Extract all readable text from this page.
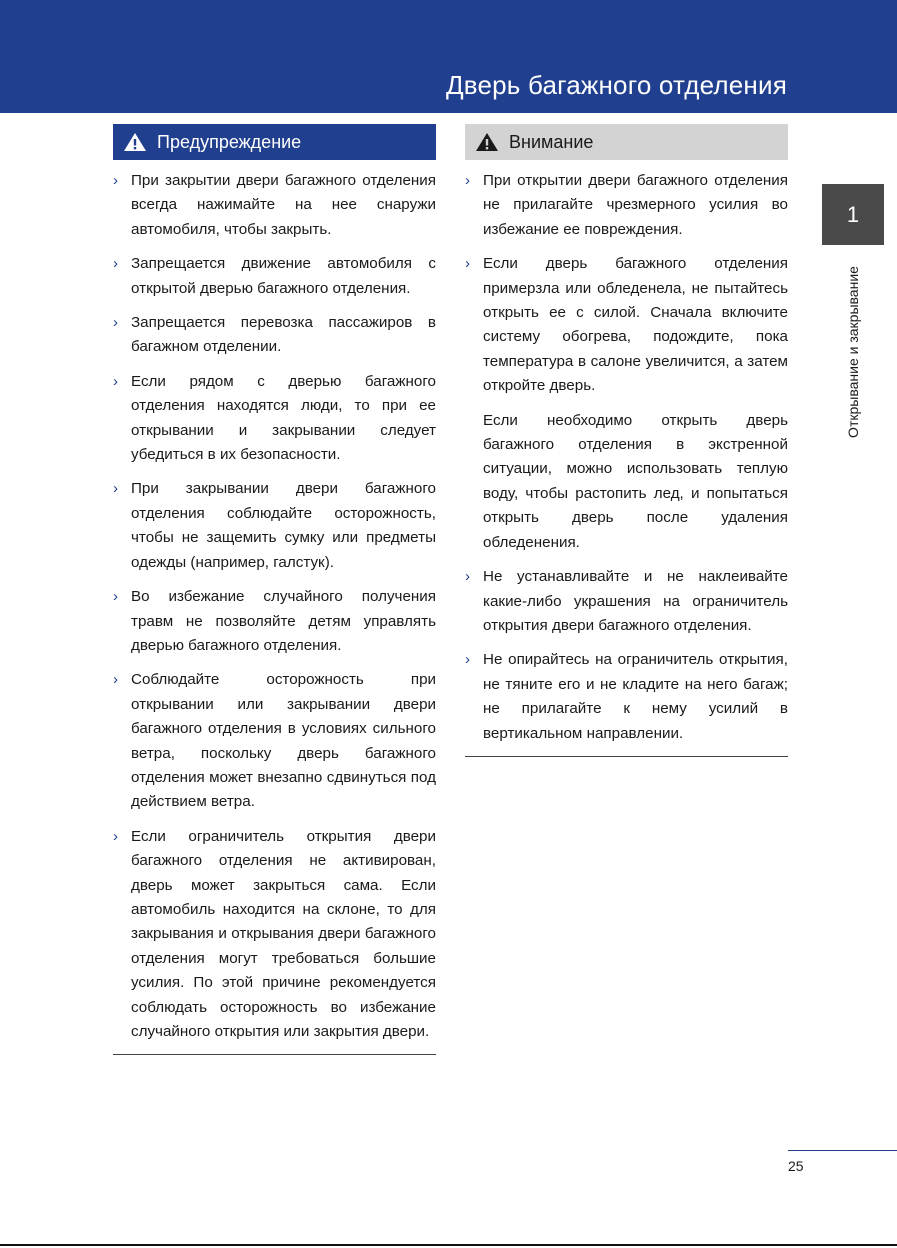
Дверь багажного отделения
Предупреждение
› При закрытии двери багажного отделения всегда нажимайте на нее снаружи автомобиля, чтобы закрыть.

› Запрещается движение автомобиля с открытой дверью багажного отделения.

› Запрещается перевозка пассажиров в багажном отделении.

› Если рядом с дверью багажного отделения находятся люди, то при ее открывании и закрывании следует убедиться в их безопасности.

› При закрывании двери багажного отделения соблюдайте осторожность, чтобы не защемить сумку или предметы одежды (например, галстук).

› Во избежание случайного получения травм не позволяйте детям управлять дверью багажного отделения.

› Соблюдайте осторожность при открывании или закрывании двери багажного отделения в условиях сильного ветра, поскольку дверь багажного отделения может внезапно сдвинуться под действием ветра.

› Если ограничитель открытия двери багажного отделения не активирован, дверь может закрыться сама. Если автомобиль находится на склоне, то для закрывания и открывания двери багажного отделения могут требоваться большие усилия. По этой причине рекомендуется соблюдать осторожность во избежание случайного открытия или закрытия двери.

Внимание
› При открытии двери багажного отделения не прилагайте чрезмерного усилия во избежание ее повреждения.

› Если дверь багажного отделения примерзла или обледенела, не пытайтесь открыть ее с силой. Сначала включите систему обогрева, подождите, пока температура в салоне увеличится, а затем откройте дверь.

Если необходимо открыть дверь багажного отделения в экстренной ситуации, можно использовать теплую воду, чтобы растопить лед, и попытаться открыть дверь после удаления обледенения.

› Не устанавливайте и не наклеивайте какие-либо украшения на ограничитель открытия двери багажного отделения.

› Не опирайтесь на ограничитель открытия, не тяните его и не кладите на него багаж; не прилагайте к нему усилий в вертикальном направлении.

1
Открывание и закрывание
25
